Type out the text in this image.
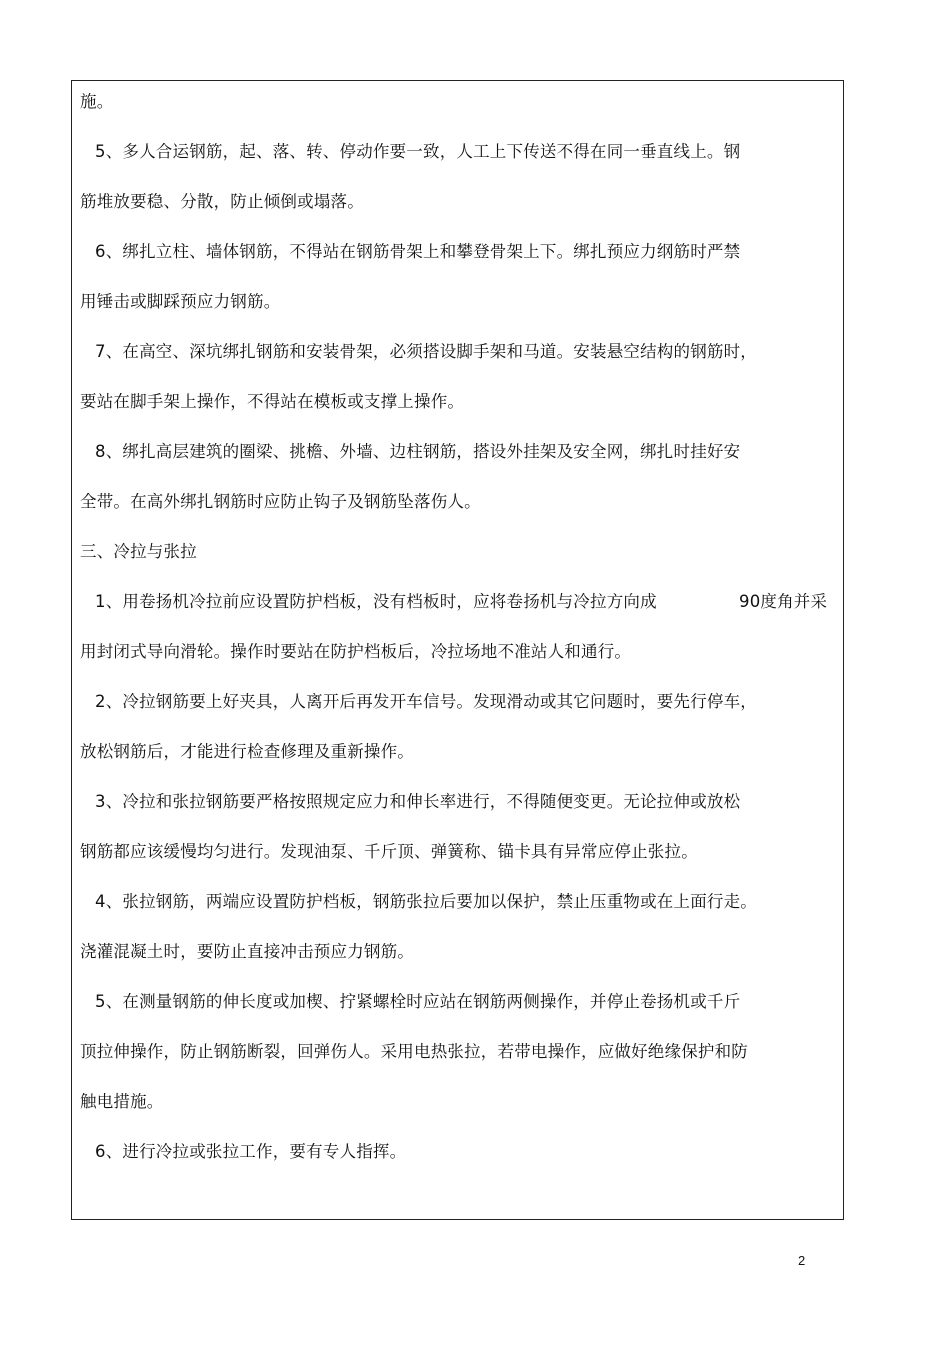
施。
5、多人合运钢筋，起、落、转、停动作要一致，人工上下传送不得在同一垂直线上。钢
筋堆放要稳、分散，防止倾倒或塌落。
6、绑扎立柱、墙体钢筋，不得站在钢筋骨架上和攀登骨架上下。绑扎预应力纲筋时严禁
用锤击或脚踩预应力钢筋。
7、在高空、深坑绑扎钢筋和安装骨架，必须搭设脚手架和马道。安装悬空结构的钢筋时，
要站在脚手架上操作，不得站在模板或支撑上操作。
8、绑扎高层建筑的圈梁、挑檐、外墙、边柱钢筋，搭设外挂架及安全网，绑扎时挂好安
全带。在高外绑扎钢筋时应防止钩子及钢筋坠落伤人。
三、冷拉与张拉
1、用卷扬机冷拉前应设置防护档板，没有档板时，应将卷扬机与冷拉方向成	90度角并采
用封闭式导向滑轮。操作时要站在防护档板后，冷拉场地不准站人和通行。
2、冷拉钢筋要上好夹具，人离开后再发开车信号。发现滑动或其它问题时，要先行停车，
放松钢筋后，才能进行检查修理及重新操作。
3、冷拉和张拉钢筋要严格按照规定应力和伸长率进行，不得随便变更。无论拉伸或放松
钢筋都应该缓慢均匀进行。发现油泵、千斤顶、弹簧称、锚卡具有异常应停止张拉。
4、张拉钢筋，两端应设置防护档板，钢筋张拉后要加以保护，禁止压重物或在上面行走。
浇灌混凝土时，要防止直接冲击预应力钢筋。
5、在测量钢筋的伸长度或加楔、拧紧螺栓时应站在钢筋两侧操作，并停止卷扬机或千斤
顶拉伸操作，防止钢筋断裂，回弹伤人。采用电热张拉，若带电操作，应做好绝缘保护和防
触电措施。
6、进行冷拉或张拉工作，要有专人指挥。
2
